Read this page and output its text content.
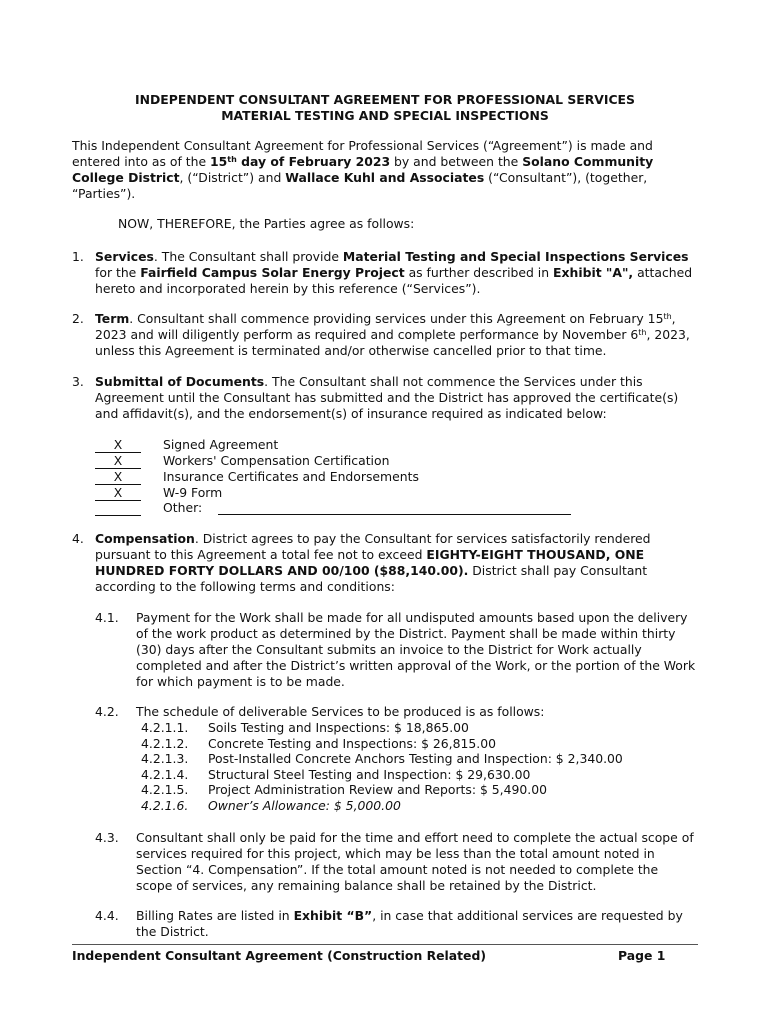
INDEPENDENT CONSULTANT AGREEMENT FOR PROFESSIONAL SERVICES
MATERIAL TESTING AND SPECIAL INSPECTIONS
This Independent Consultant Agreement for Professional Services (“Agreement”) is made and entered into as of the 15th day of February 2023 by and between the Solano Community College District, (“District”) and Wallace Kuhl and Associates (“Consultant”), (together, “Parties”).
NOW, THEREFORE, the Parties agree as follows:
1. Services. The Consultant shall provide Material Testing and Special Inspections Services for the Fairfield Campus Solar Energy Project as further described in Exhibit "A", attached hereto and incorporated herein by this reference (“Services”).
2. Term. Consultant shall commence providing services under this Agreement on February 15th, 2023 and will diligently perform as required and complete performance by November 6th, 2023, unless this Agreement is terminated and/or otherwise cancelled prior to that time.
3. Submittal of Documents. The Consultant shall not commence the Services under this Agreement until the Consultant has submitted and the District has approved the certificate(s) and affidavit(s), and the endorsement(s) of insurance required as indicated below:
X	Signed Agreement
X	Workers' Compensation Certification
X	Insurance Certificates and Endorsements
X	W-9 Form
Other:
4. Compensation. District agrees to pay the Consultant for services satisfactorily rendered pursuant to this Agreement a total fee not to exceed EIGHTY-EIGHT THOUSAND, ONE HUNDRED FORTY DOLLARS AND 00/100 ($88,140.00). District shall pay Consultant according to the following terms and conditions:
4.1. Payment for the Work shall be made for all undisputed amounts based upon the delivery of the work product as determined by the District. Payment shall be made within thirty (30) days after the Consultant submits an invoice to the District for Work actually completed and after the District’s written approval of the Work, or the portion of the Work for which payment is to be made.
4.2. The schedule of deliverable Services to be produced is as follows:
4.2.1.1. Soils Testing and Inspections: $ 18,865.00
4.2.1.2. Concrete Testing and Inspections: $ 26,815.00
4.2.1.3. Post-Installed Concrete Anchors Testing and Inspection: $ 2,340.00
4.2.1.4. Structural Steel Testing and Inspection: $ 29,630.00
4.2.1.5. Project Administration Review and Reports: $ 5,490.00
4.2.1.6. Owner’s Allowance: $ 5,000.00
4.3. Consultant shall only be paid for the time and effort need to complete the actual scope of services required for this project, which may be less than the total amount noted in Section “4. Compensation”. If the total amount noted is not needed to complete the scope of services, any remaining balance shall be retained by the District.
4.4. Billing Rates are listed in Exhibit “B”, in case that additional services are requested by the District.
Independent Consultant Agreement (Construction Related)	Page 1
